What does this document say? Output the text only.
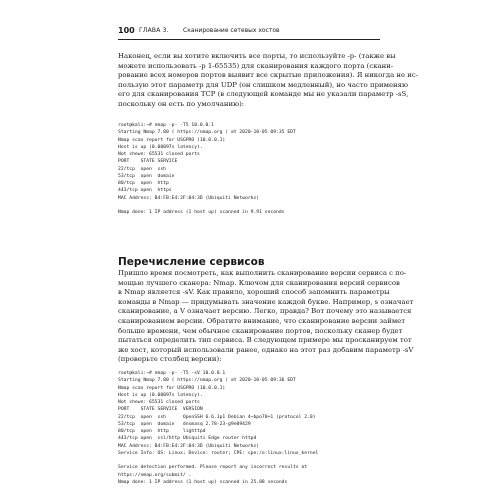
100 ГЛАВА 3. Сканирование сетевых хостов

Наконец, если вы хотите включить все порты, то используйте -p- (также вы
можете использовать -p 1-65535) для сканирования каждого порта (скани-
рование всех номеров портов выявит все скрытые приложения). Я никогда не ис-
пользую этот параметр для UDP (он слишком медленный), но часто применяю
его для сканирования TCP (в следующей команде мы не указали параметр -sS,
поскольку он есть по умолчанию):

root@kali:~# nmap -p- -T5 10.0.0.1
Starting Nmap 7.80 ( https://nmap.org ) at 2020-10-05 09:35 EDT
Nmap scan report for USGPRO (10.0.0.1)
Host is up (0.00097s latency).
Not shown: 65531 closed ports
PORT    STATE SERVICE
22/tcp  open  ssh
53/tcp  open  domain
80/tcp  open  http
443/tcp open  https
MAC Address: B4:FB:E4:2F:04:3D (Ubiquiti Networks)

Nmap done: 1 IP address (1 host up) scanned in 9.91 seconds
Перечисление сервисов

Пришло время посмотреть, как выполнить сканирование версии сервиса с по-
мощью лучшего сканера: Nmap. Ключом для сканирования версий сервисов
в Nmap является -sV. Как правило, хороший способ запомнить параметры
команды в Nmap — придумывать значение каждой букве. Например, s означает
сканирование, а V означает версию. Легко, правда? Вот почему это называется
сканированием версии. Обратите внимание, что сканирование версии займет
больше времени, чем обычное сканирование портов, поскольку сканер будет
пытаться определить тип сервиса. В следующем примере мы просканируем тот
же хост, который использовали ранее, однако на этот раз добавим параметр -sV
(проверьте столбец версии):

root@kali:~# nmap -p- -T5 -sV 10.0.0.1
Starting Nmap 7.80 ( https://nmap.org ) at 2020-10-05 09:36 EDT
Nmap scan report for USGPRO (10.0.0.1)
Host is up (0.00097s latency).
Not shown: 65531 closed ports
PORT    STATE SERVICE  VERSION
22/tcp  open  ssh      OpenSSH 6.6.1p1 Debian 4~bpo70+1 (protocol 2.0)
53/tcp  open  domain   dnsmasq 2.78-23-g9e09429
80/tcp  open  http     lighttpd
443/tcp open  ssl/http Ubiquiti Edge router httpd
MAC Address: B4:FB:E4:2F:04:3D (Ubiquiti Networks)
Service Info: OS: Linux; Device: router; CPE: cpe:/o:linux:linux_kernel

Service detection performed. Please report any incorrect results at
https://nmap.org/submit/ .
Nmap done: 1 IP address (1 host up) scanned in 25.88 seconds
